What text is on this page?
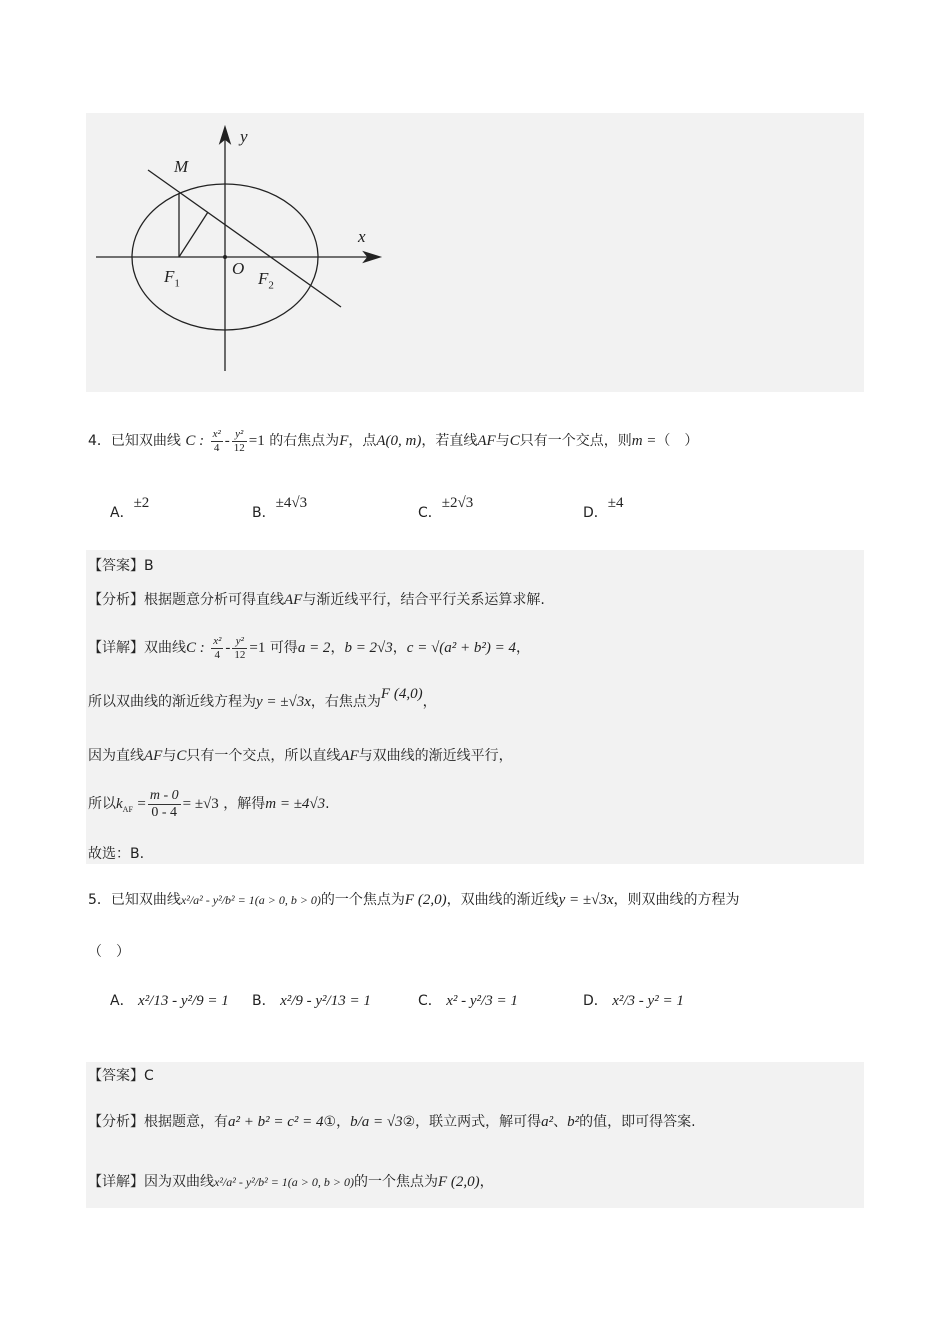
y
x
M
O
$F_1$	$F_2$
4．已知双曲线 C : $\frac{\text{x²}}{4} - \frac{\text{y²}}{12} =1$ 的右焦点为F，点A(0, m)，若直线AF与C只有一个交点，则m =（　）
A．±2
B．±4√3
C．±2√3
D．±4
【答案】B
【分析】根据题意分析可得直线AF与渐近线平行，结合平行关系运算求解.
【详解】双曲线C : $\frac{\text{x²}}{4} - \frac{\text{y²}}{12} =1$ 可得a = 2，b = 2√3，c = √(a² + b²) = 4，
所以双曲线的渐近线方程为y = ±√3x，右焦点为F (4,0)，
因为直线AF与C只有一个交点，所以直线AF与双曲线的渐近线平行，
所以$k_{AF} = \frac{m - 0}{0 - 4} = \pm√3$ ，解得m = ±4√3.
故选：B.
5．已知双曲线x²/a² - y²/b² = 1(a > 0, b > 0)的一个焦点为F (2,0)，双曲线的渐近线y = ±√3x，则双曲线的方程为
（　）
A． x²/13 - y²/9 = 1 B． x²/9 - y²/13 = 1	C． x² - y²/3 = 1	D． x²/3 - y² = 1
【答案】C
【分析】根据题意，有a² + b² = c² = 4①，b/a = √3②，联立两式，解可得a²、b²的值，即可得答案.
【详解】因为双曲线x²/a² - y²/b² = 1(a > 0, b > 0)的一个焦点为F (2,0)，
